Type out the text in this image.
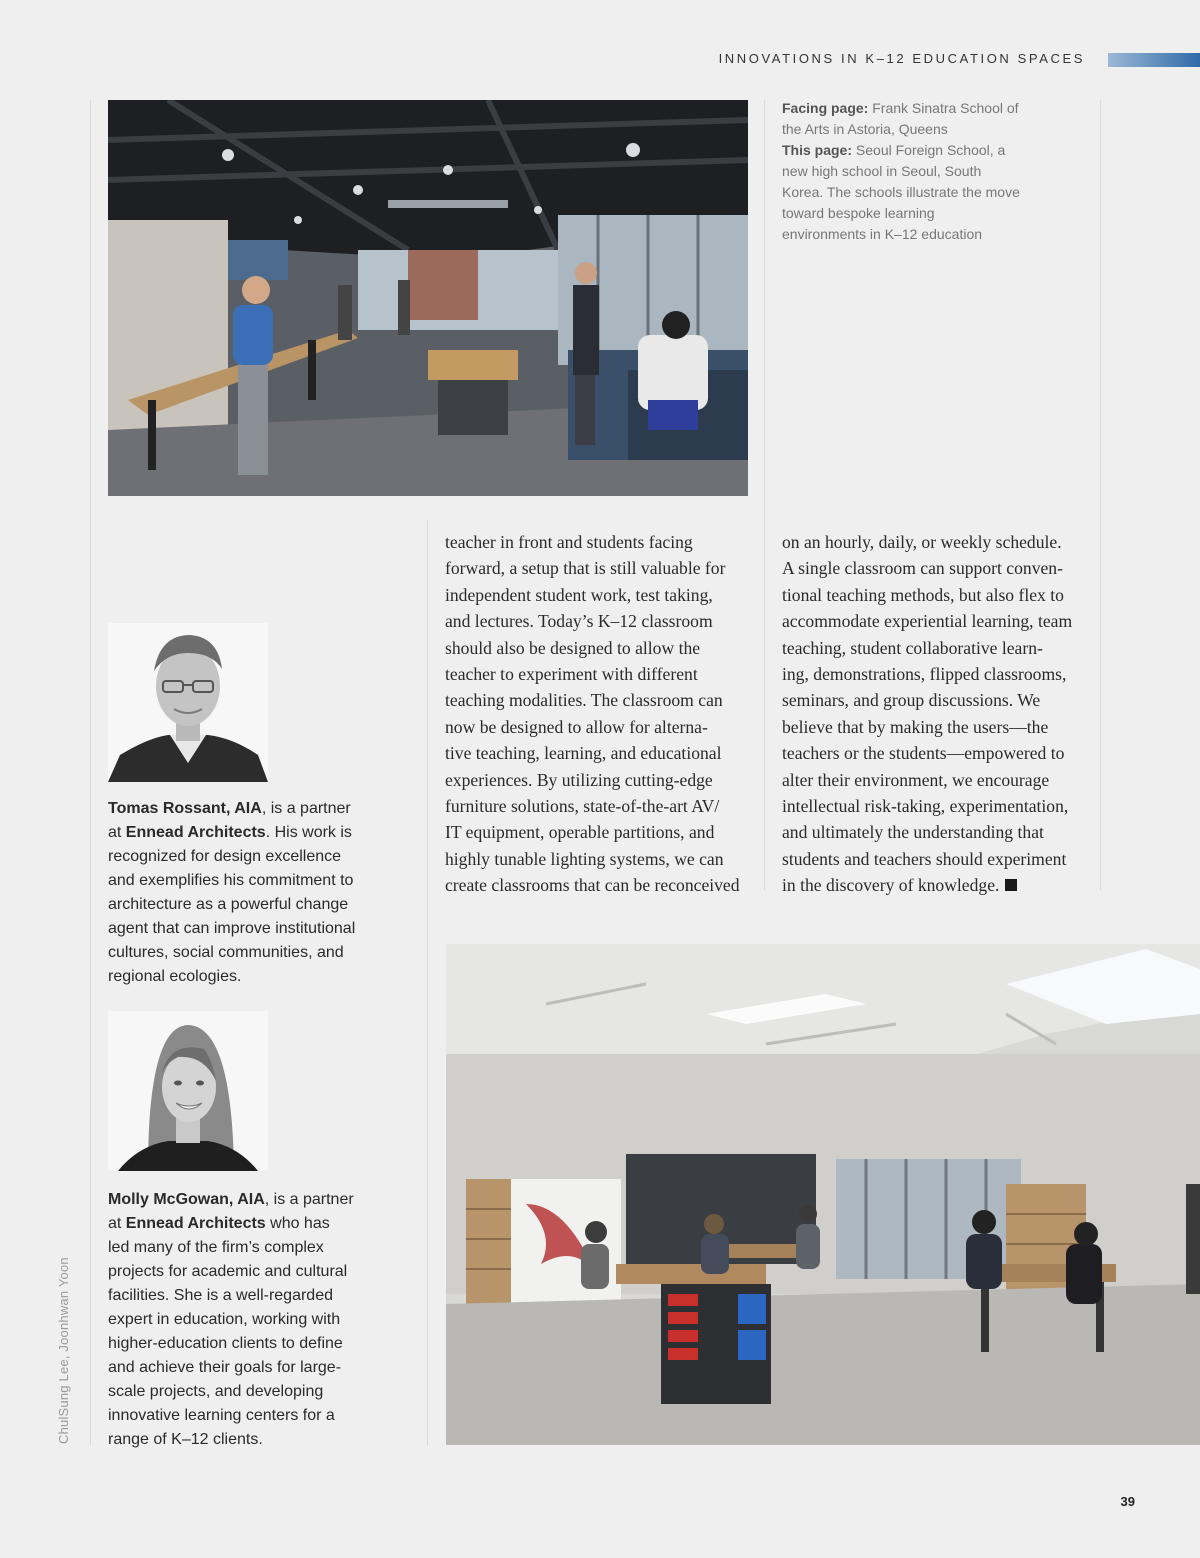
INNOVATIONS IN K–12 EDUCATION SPACES
Facing page: Frank Sinatra School of the Arts in Astoria, Queens
This page: Seoul Foreign School, a new high school in Seoul, South Korea. The schools illustrate the move toward bespoke learning environments in K–12 education
teacher in front and students facing
forward, a setup that is still valuable for
independent student work, test taking,
and lectures. Today’s K–12 classroom
should also be designed to allow the
teacher to experiment with different
teaching modalities. The classroom can
now be designed to allow for alterna-
tive teaching, learning, and educational
experiences. By utilizing cutting-edge
furniture solutions, state-of-the-art AV/
IT equipment, operable partitions, and
highly tunable lighting systems, we can
create classrooms that can be reconceived
on an hourly, daily, or weekly schedule.
A single classroom can support conven-
tional teaching methods, but also flex to
accommodate experiential learning, team
teaching, student collaborative learn-
ing, demonstrations, flipped classrooms,
seminars, and group discussions. We
believe that by making the users—the
teachers or the students—empowered to
alter their environment, we encourage
intellectual risk-taking, experimentation,
and ultimately the understanding that
students and teachers should experiment
in the discovery of knowledge.
Tomas Rossant, AIA, is a partner
at Ennead Architects. His work is
recognized for design excellence
and exemplifies his commitment to
architecture as a powerful change
agent that can improve institutional
cultures, social communities, and
regional ecologies.
Molly McGowan, AIA, is a partner
at Ennead Architects who has
led many of the firm’s complex
projects for academic and cultural
facilities. She is a well-regarded
expert in education, working with
higher-education clients to define
and achieve their goals for large-
scale projects, and developing
innovative learning centers for a
range of K–12 clients.
ChulSung Lee, Joonhwan Yoon
39
